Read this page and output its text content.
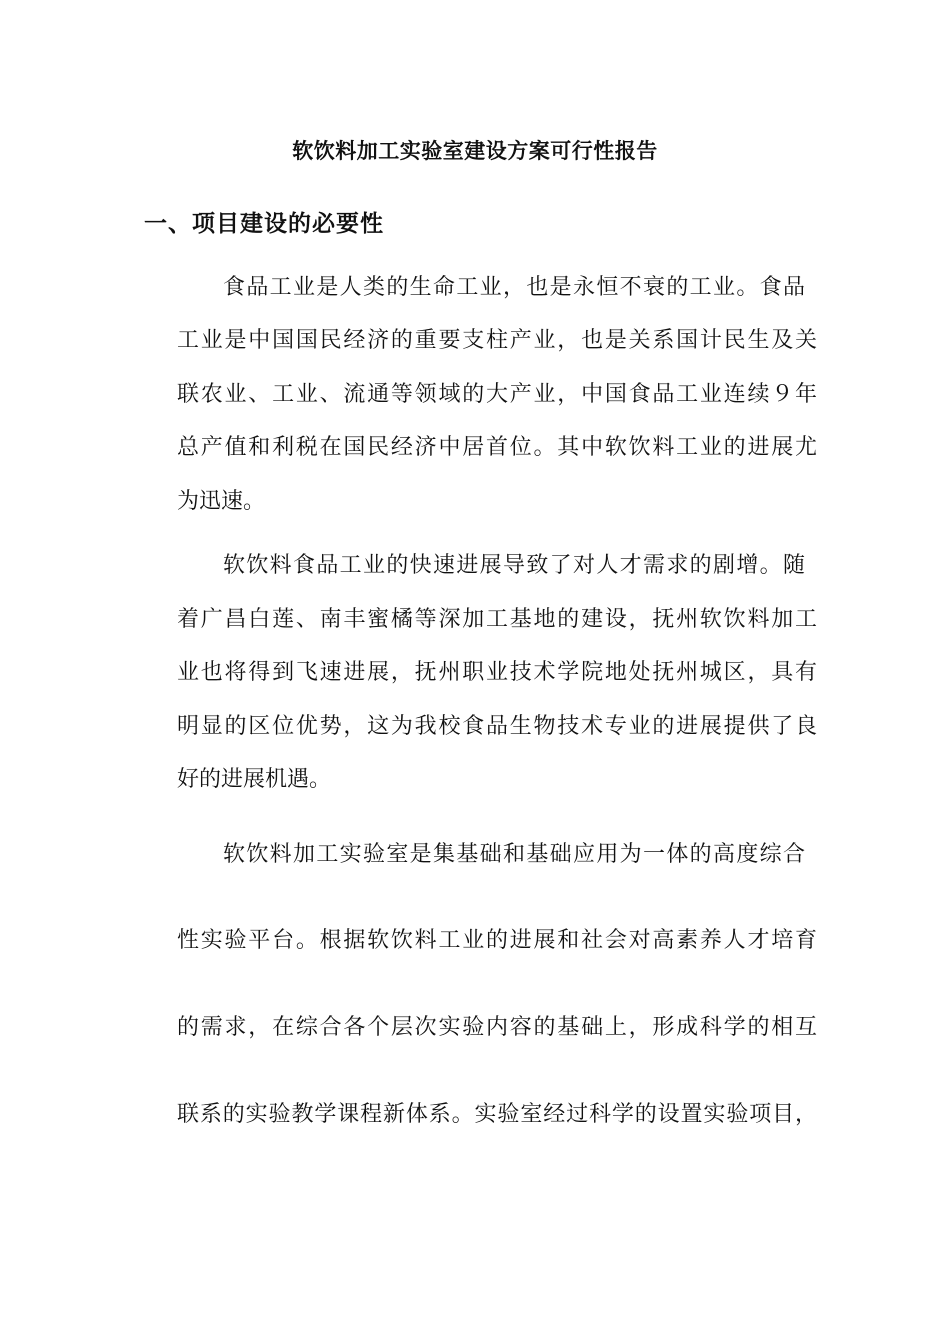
软饮料加工实验室建设方案可行性报告
一、项目建设的必要性
食品工业是人类的生命工业，也是永恒不衰的工业。食品
工业是中国国民经济的重要支柱产业，也是关系国计民生及关
联农业、工业、流通等领域的大产业，中国食品工业连续９年
总产值和利税在国民经济中居首位。其中软饮料工业的进展尤
为迅速。
软饮料食品工业的快速进展导致了对人才需求的剧增。随
着广昌白莲、南丰蜜橘等深加工基地的建设，抚州软饮料加工
业也将得到飞速进展，抚州职业技术学院地处抚州城区，具有
明显的区位优势，这为我校食品生物技术专业的进展提供了良
好的进展机遇。
软饮料加工实验室是集基础和基础应用为一体的高度综合
性实验平台。根据软饮料工业的进展和社会对高素养人才培育
的需求，在综合各个层次实验内容的基础上，形成科学的相互
联系的实验教学课程新体系。实验室经过科学的设置实验项目，
